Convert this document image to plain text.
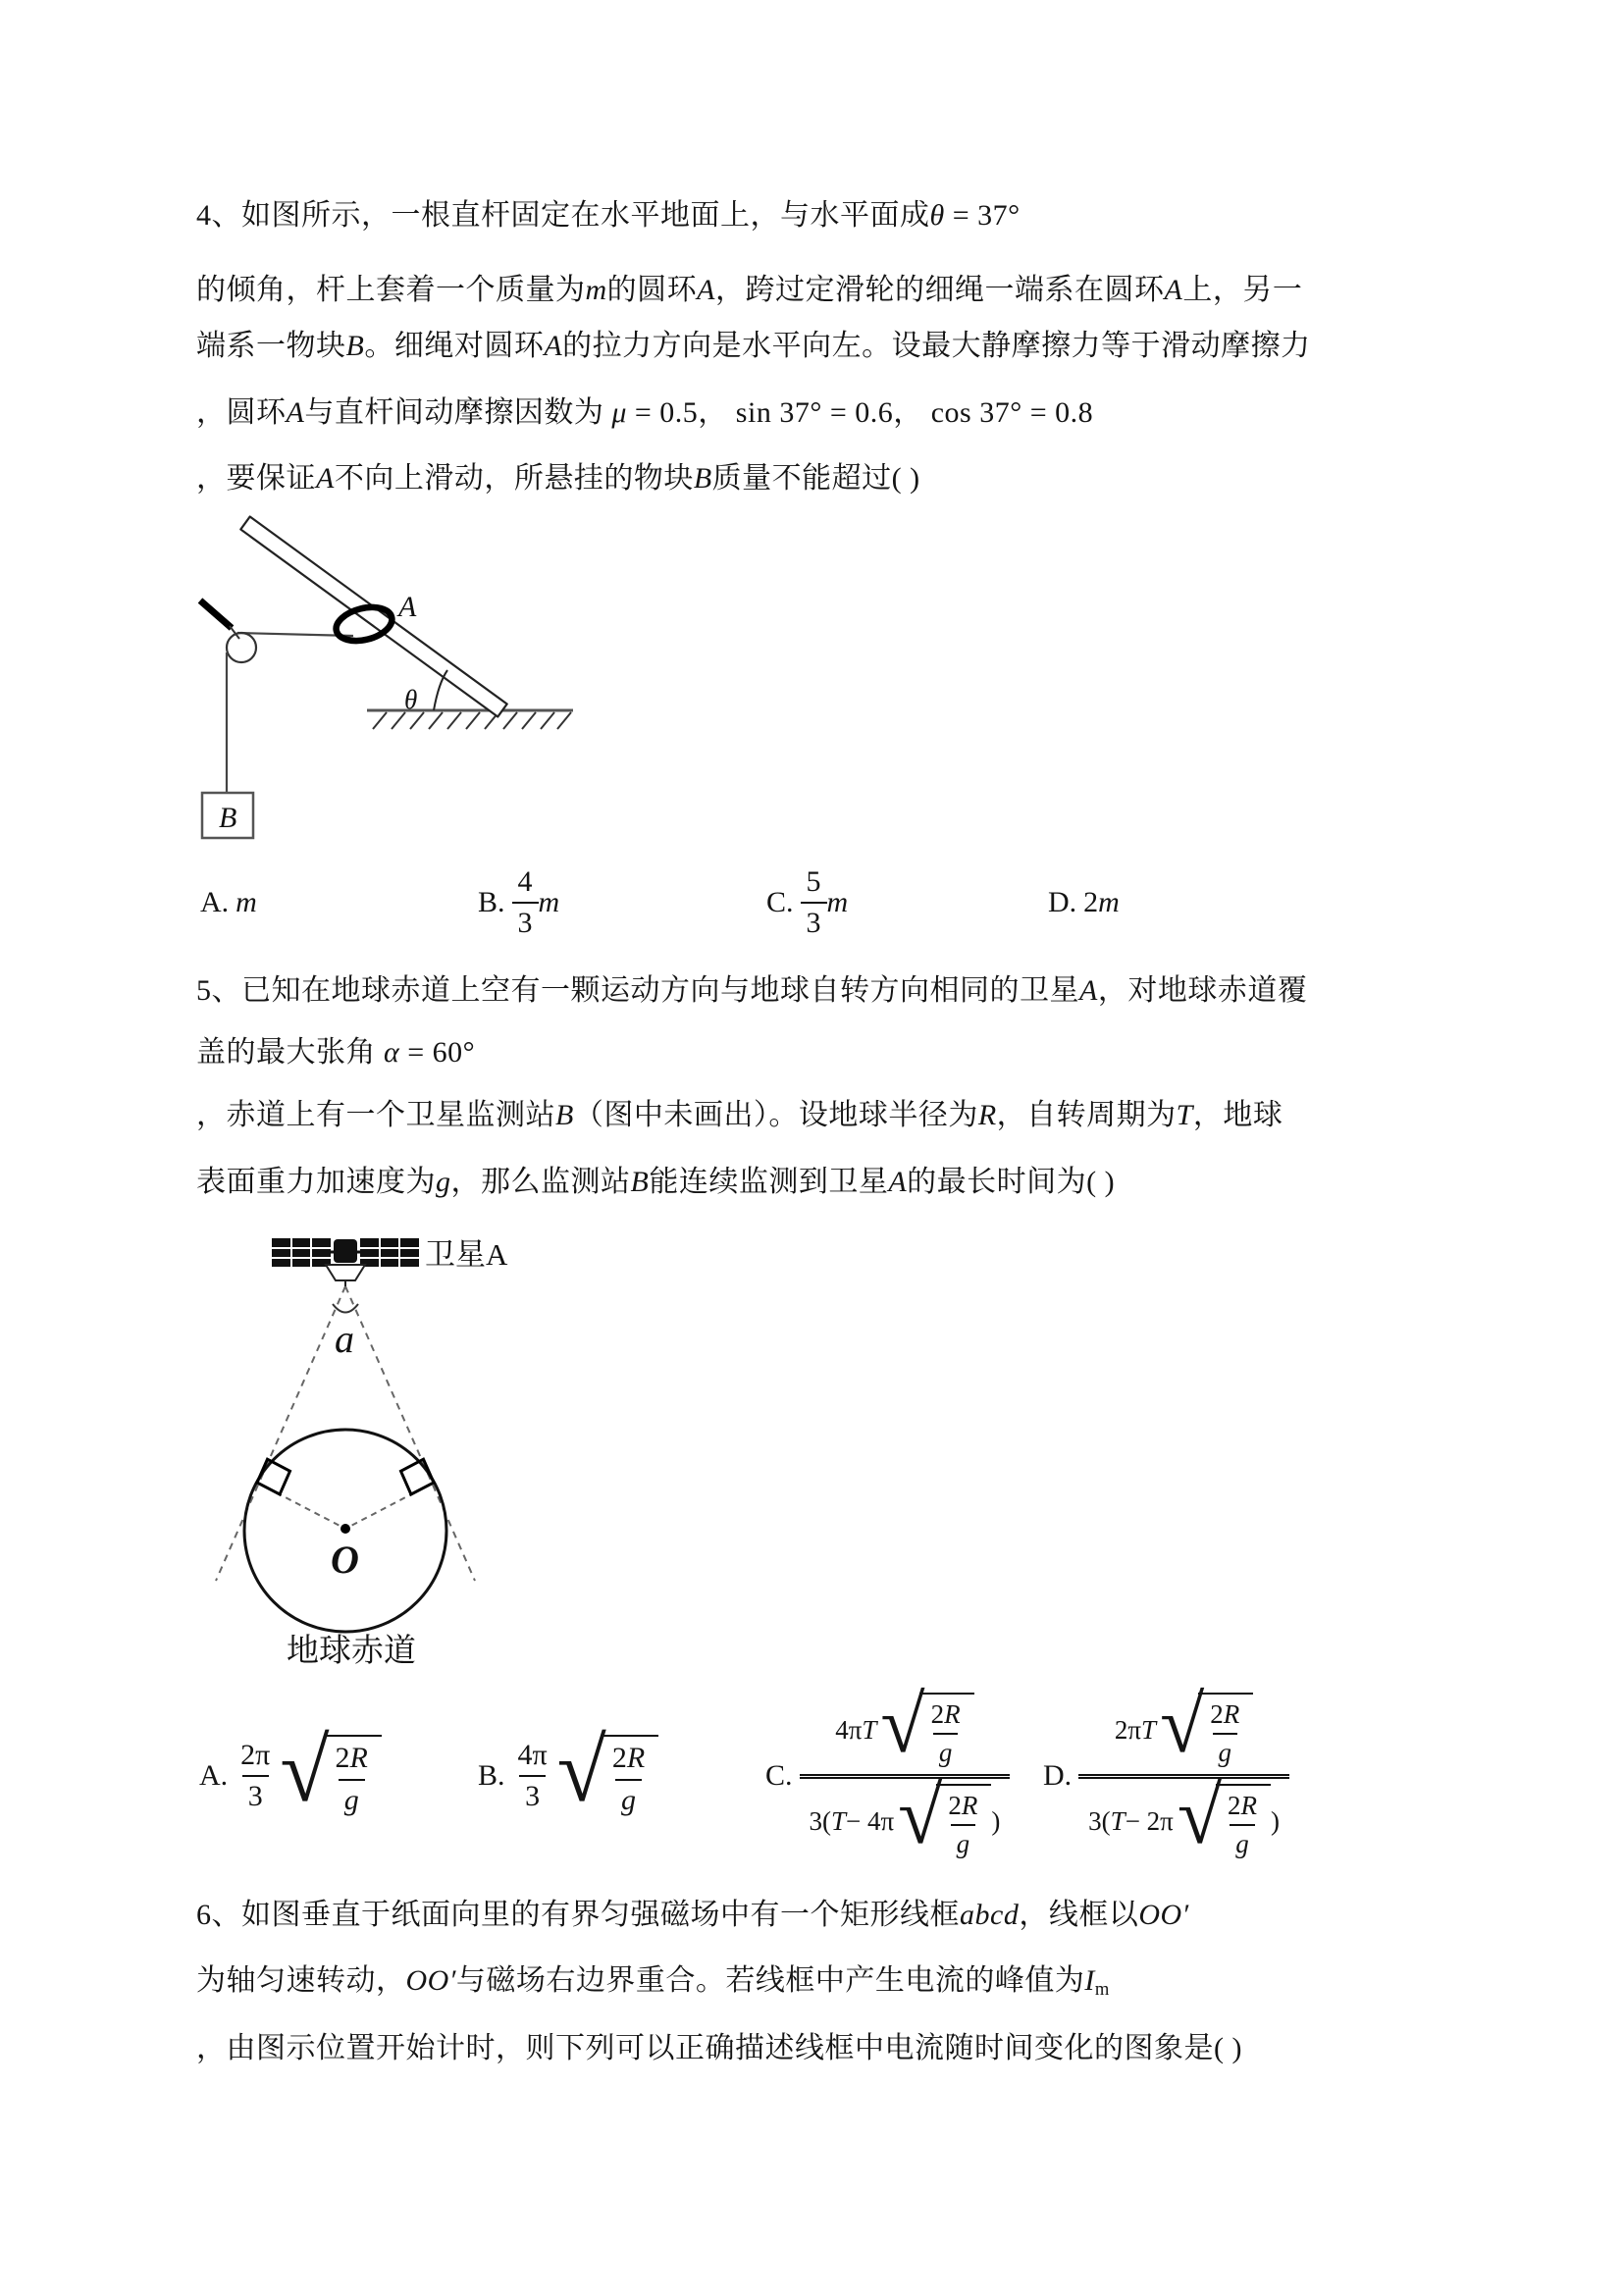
4、如图所示，一根直杆固定在水平地面上，与水平面成θ = 37°
的倾角，杆上套着一个质量为m的圆环A，跨过定滑轮的细绳一端系在圆环A上，另一
端系一物块B。细绳对圆环A的拉力方向是水平向左。设最大静摩擦力等于滑动摩擦力
，圆环A与直杆间动摩擦因数为 μ = 0.5， sin 37° = 0.6， cos 37° = 0.8
，要保证A不向上滑动，所悬挂的物块B质量不能超过( )
A
B
θ
A. m	B. $\frac{4}{3}$ m	C. $\frac{5}{3}$ m	D. 2m
5、已知在地球赤道上空有一颗运动方向与地球自转方向相同的卫星A，对地球赤道覆
盖的最大张角 α = 60°
，赤道上有一个卫星监测站B（图中未画出）。设地球半径为R，自转周期为T，地球
表面重力加速度为g，那么监测站B能连续监测到卫星A的最长时间为( )
O
卫星A
a
地球赤道
A. $\frac{2\pi}{3}$ √ $\frac{2R}{g}$	B. $\frac{4\pi}{3}$ √ $\frac{2R}{g}$	C.
4π T √ $\frac{2R}{g}$
3( T − 4π √ $\frac{2R}{g}$ )
D.
2π T √ $\frac{2R}{g}$
3( T − 2π √ $\frac{2R}{g}$ )
6、如图垂直于纸面向里的有界匀强磁场中有一个矩形线框abcd，线框以OO′
为轴匀速转动，OO′与磁场右边界重合。若线框中产生电流的峰值为Im
，由图示位置开始计时，则下列可以正确描述线框中电流随时间变化的图象是( )
